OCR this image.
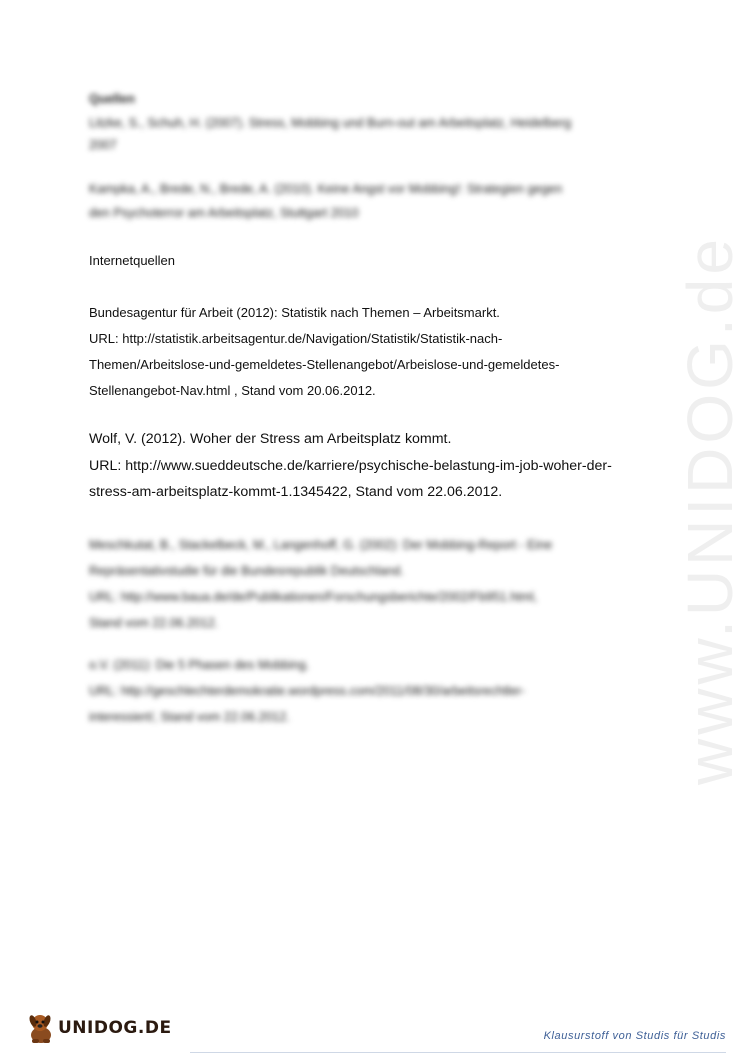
www.UNIDOG.de
Quellen
Litzke, S., Schuh, H. (2007). Stress, Mobbing und Burn-out am Arbeitsplatz, Heidelberg
2007
Kampka, A., Brede, N., Brede, A. (2010). Keine Angst vor Mobbing!: Strategien gegen
den Psychoterror am Arbeitsplatz, Stuttgart 2010
Internetquellen
Bundesagentur für Arbeit (2012): Statistik nach Themen – Arbeitsmarkt.
URL: http://statistik.arbeitsagentur.de/Navigation/Statistik/Statistik-nach-
Themen/Arbeitslose-und-gemeldetes-Stellenangebot/Arbeislose-und-gemeldetes-
Stellenangebot-Nav.html , Stand vom 20.06.2012.
Wolf, V. (2012). Woher der Stress am Arbeitsplatz kommt.
URL: http://www.sueddeutsche.de/karriere/psychische-belastung-im-job-woher-der-
stress-am-arbeitsplatz-kommt-1.1345422, Stand vom 22.06.2012.
Meschkutat, B., Stackelbeck, M., Langenhoff, G. (2002): Der Mobbing-Report - Eine
Repräsentativstudie für die Bundesrepublik Deutschland.
URL: http://www.baua.de/de/Publikationen/Forschungsberichte/2002/Fb951.html,
Stand vom 22.06.2012.
o.V. (2011): Die 5 Phasen des Mobbing.
URL: http://geschlechterdemokratie.wordpress.com/2011/08/30/arbeitsrechtler-
interessiert/, Stand vom 22.06.2012.
UNIDOG.DE	Klausurstoff von Studis für Studis
